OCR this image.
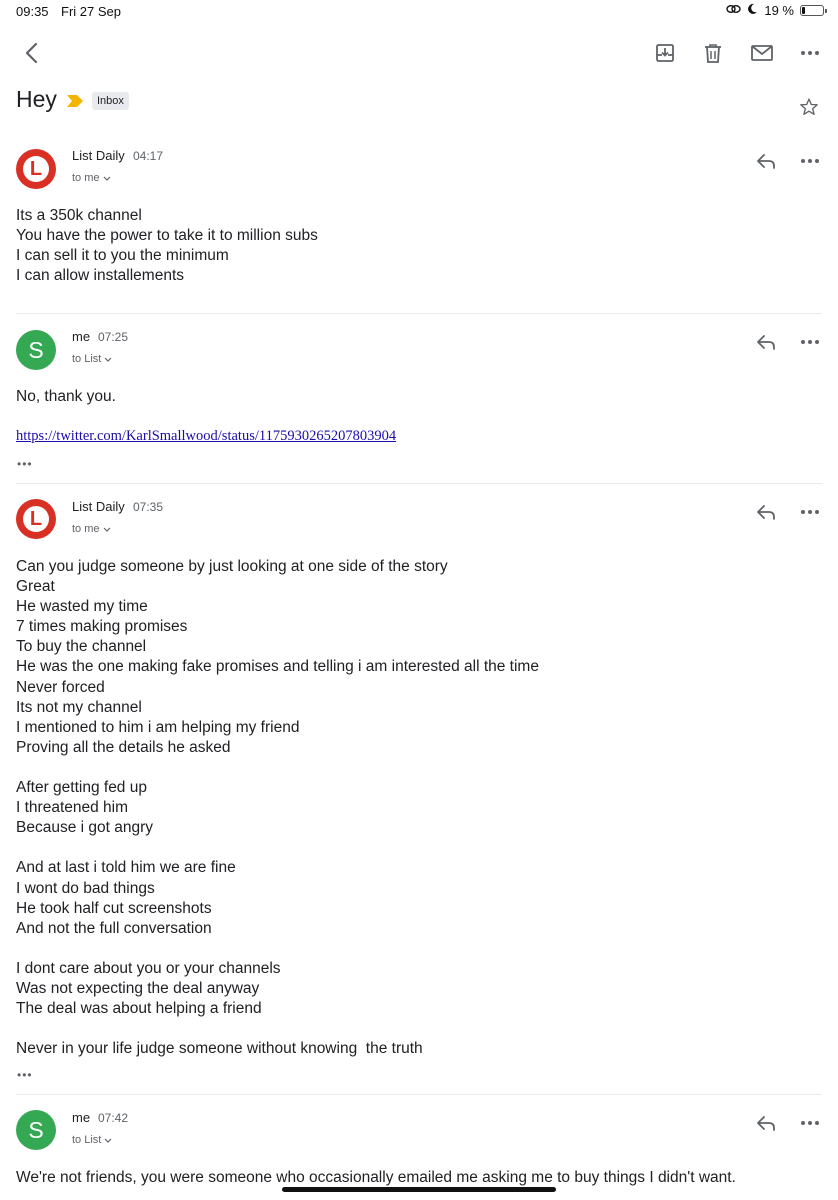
09:35 Fri 27 Sep	19 %
Hey	Inbox
L
List Daily 04:17
to me
Its a 350k channel
You have the power to take it to million subs
I can sell it to you the minimum
I can allow installements
S	me 07:25
to List
No, thank you.
https://twitter.com/KarlSmallwood/status/1175930265207803904
•••
L
List Daily 07:35
to me
Can you judge someone by just looking at one side of the story
Great
He wasted my time
7 times making promises
To buy the channel
He was the one making fake promises and telling i am interested all the time
Never forced
Its not my channel
I mentioned to him i am helping my friend
Proving all the details he asked

After getting fed up
I threatened him
Because i got angry

And at last i told him we are fine
I wont do bad things
He took half cut screenshots
And not the full conversation

I dont care about you or your channels
Was not expecting the deal anyway
The deal was about helping a friend

Never in your life judge someone without knowing  the truth
•••
S	me 07:42
to List
We're not friends, you were someone who occasionally emailed me asking me to buy things I didn't want.
